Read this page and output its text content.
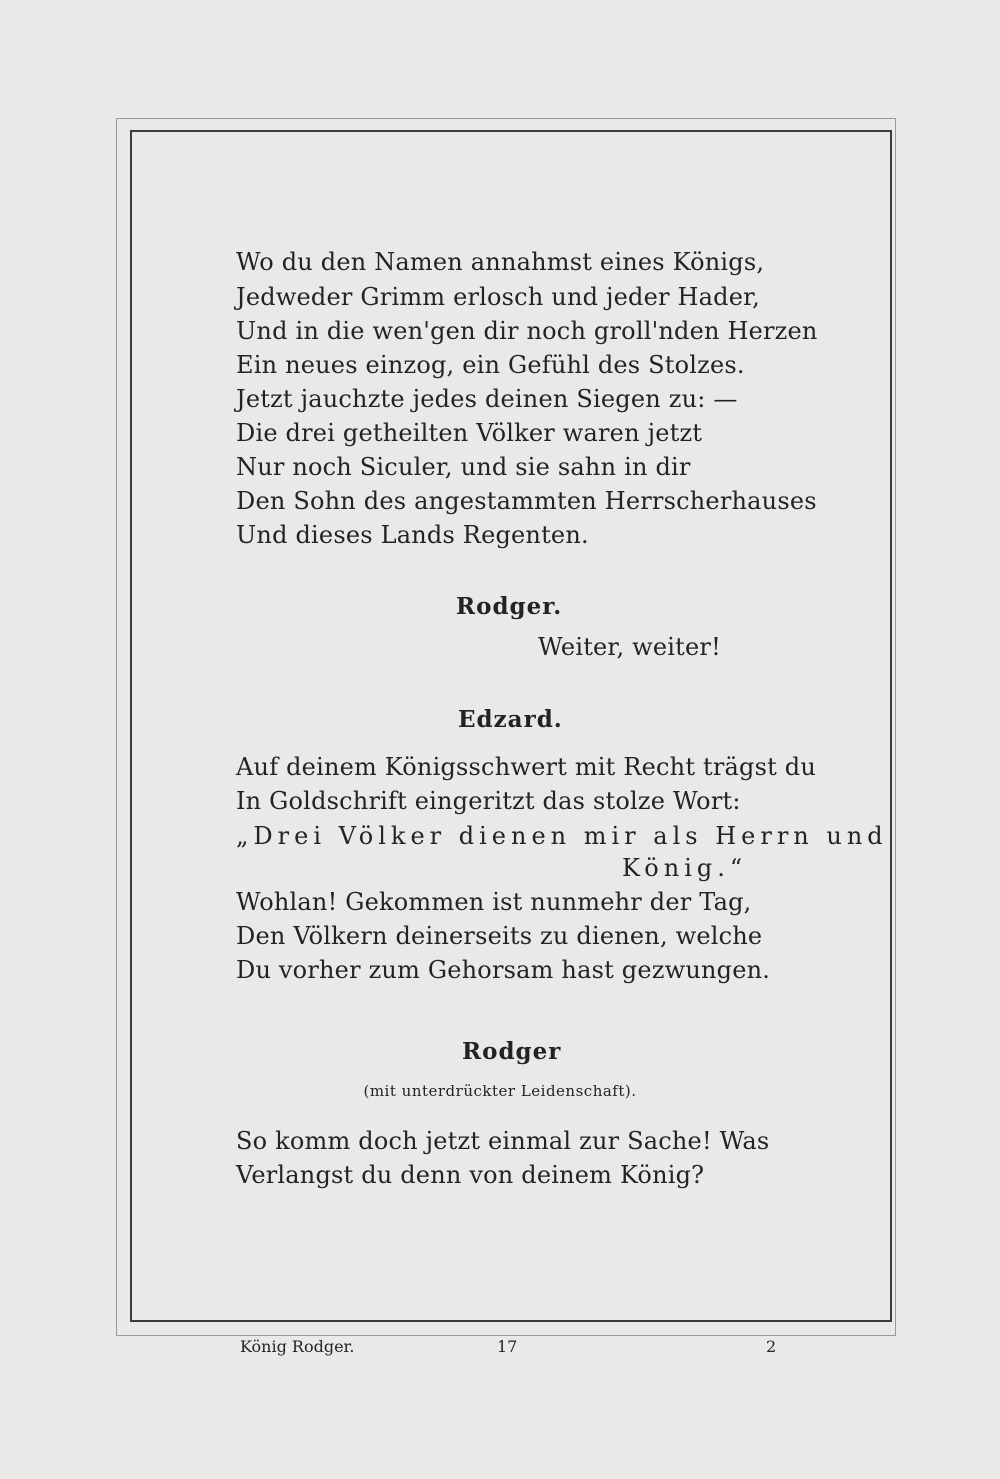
Wo du den Namen annahmst eines Königs,
Jedweder Grimm erlosch und jeder Hader,
Und in die wen'gen dir noch groll'nden Herzen
Ein neues einzog, ein Gefühl des Stolzes.
Jetzt jauchzte jedes deinen Siegen zu: —
Die drei getheilten Völker waren jetzt
Nur noch Siculer, und sie sahn in dir
Den Sohn des angestammten Herrscherhauses
Und dieses Lands Regenten.
Rodger.
Weiter, weiter!
Edzard.
Auf deinem Königsschwert mit Recht trägst du
In Goldschrift eingeritzt das stolze Wort:
„Drei Völker dienen mir als Herrn und
König.“
Wohlan! Gekommen ist nunmehr der Tag,
Den Völkern deinerseits zu dienen, welche
Du vorher zum Gehorsam hast gezwungen.
Rodger
(mit unterdrückter Leidenschaft).
So komm doch jetzt einmal zur Sache! Was
Verlangst du denn von deinem König?
König Rodger.	17	2
